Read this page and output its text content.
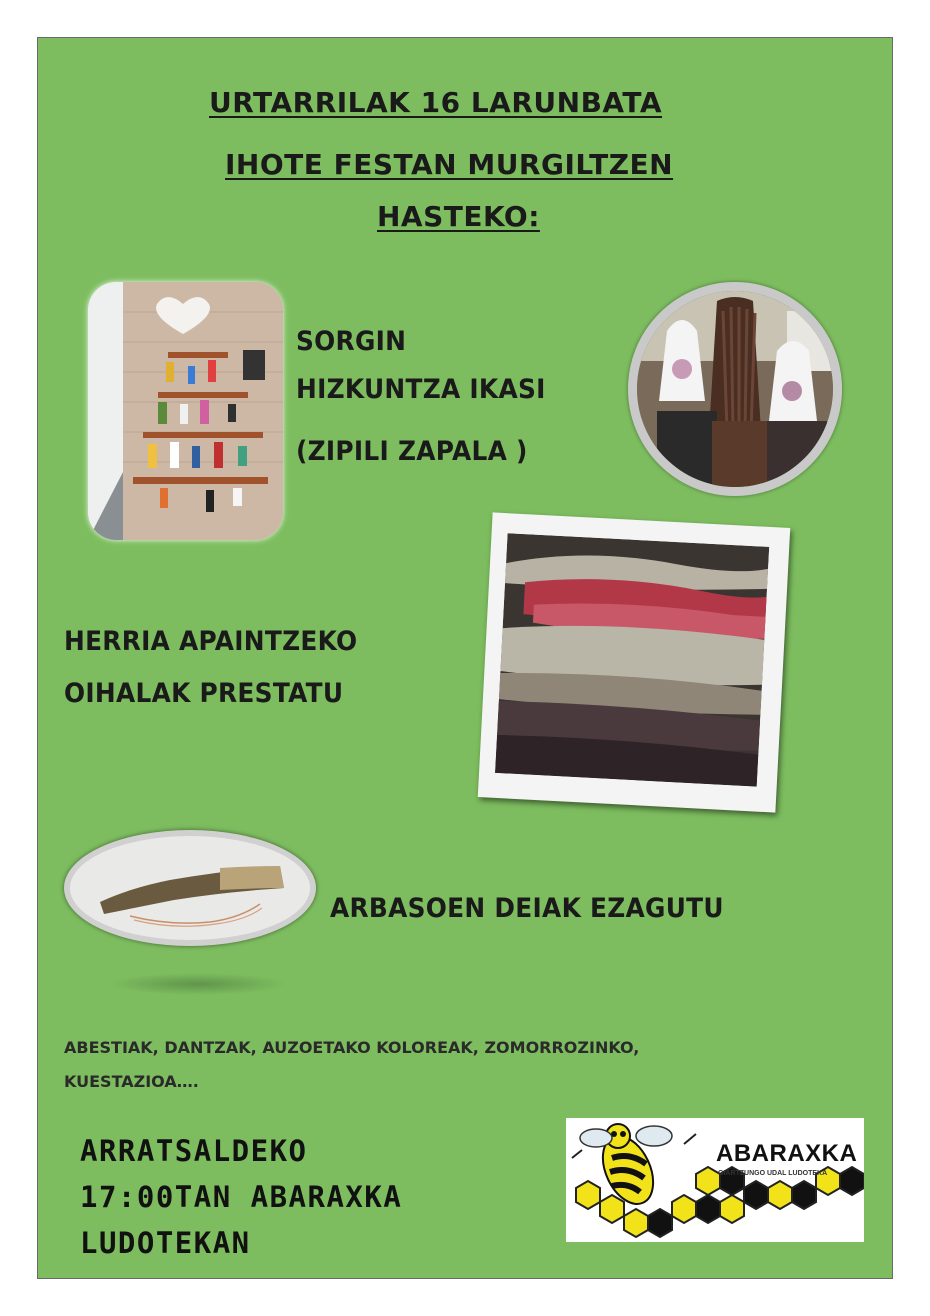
URTARRILAK 16 LARUNBATA
IHOTE FESTAN MURGILTZEN
HASTEKO:
SORGIN
HIZKUNTZA IKASI
(ZIPILI ZAPALA )
HERRIA APAINTZEKO
OIHALAK PRESTATU
ARBASOEN DEIAK EZAGUTU
ABESTIAK, DANTZAK, AUZOETAKO KOLOREAK, ZOMORROZINKO,
KUESTAZIOA….
ARRATSALDEKO
17:00TAN ABARAXKA
LUDOTEKAN
ABARAXKA
OIARTZUNGO UDAL LUDOTEKA
